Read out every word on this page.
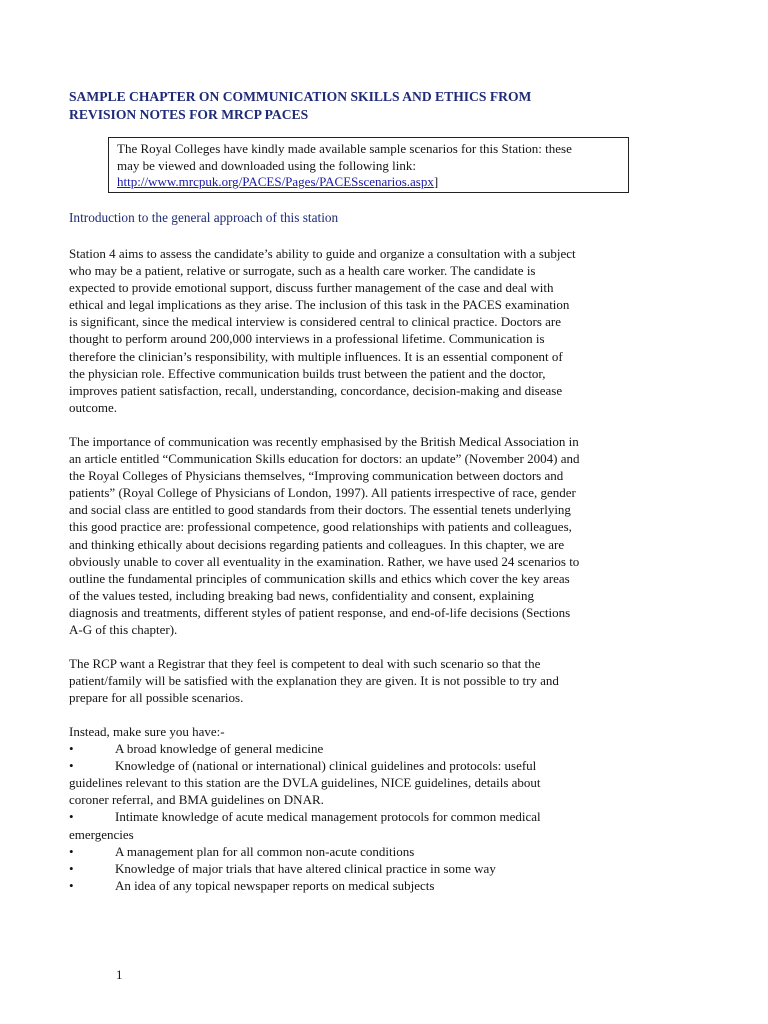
SAMPLE CHAPTER ON COMMUNICATION SKILLS AND ETHICS FROM
REVISION NOTES FOR MRCP PACES
The Royal Colleges have kindly made available sample scenarios for this Station: these
may be viewed and downloaded using the following link:
http://www.mrcpuk.org/PACES/Pages/PACESscenarios.aspx]
Introduction to the general approach of this station
Station 4 aims to assess the candidate’s ability to guide and organize a consultation with a subject
who may be a patient, relative or surrogate, such as a health care worker. The candidate is
expected to provide emotional support, discuss further management of the case and deal with
ethical and legal implications as they arise. The inclusion of this task in the PACES examination
is significant, since the medical interview is considered central to clinical practice. Doctors are
thought to perform around 200,000 interviews in a professional lifetime. Communication is
therefore the clinician’s responsibility, with multiple influences. It is an essential component of
the physician role. Effective communication builds trust between the patient and the doctor,
improves patient satisfaction, recall, understanding, concordance, decision-making and disease
outcome.
The importance of communication was recently emphasised by the British Medical Association in
an article entitled “Communication Skills education for doctors: an update” (November 2004) and
the Royal Colleges of Physicians themselves, “Improving communication between doctors and
patients” (Royal College of Physicians of London, 1997). All patients irrespective of race, gender
and social class are entitled to good standards from their doctors. The essential tenets underlying
this good practice are: professional competence, good relationships with patients and colleagues,
and thinking ethically about decisions regarding patients and colleagues. In this chapter, we are
obviously unable to cover all eventuality in the examination. Rather, we have used 24 scenarios to
outline the fundamental principles of communication skills and ethics which cover the key areas
of the values tested, including breaking bad news, confidentiality and consent, explaining
diagnosis and treatments, different styles of patient response, and end-of-life decisions (Sections
A-G of this chapter).
The RCP want a Registrar that they feel is competent to deal with such scenario so that the
patient/family will be satisfied with the explanation they are given. It is not possible to try and
prepare for all possible scenarios.
Instead, make sure you have:-
•	A broad knowledge of general medicine
•	Knowledge of (national or international) clinical guidelines and protocols: useful
guidelines relevant to this station are the DVLA guidelines, NICE guidelines, details about
coroner referral, and BMA guidelines on DNAR.
•	Intimate knowledge of acute medical management protocols for common medical
emergencies
•	A management plan for all common non-acute conditions
•	Knowledge of major trials that have altered clinical practice in some way
•	An idea of any topical newspaper reports on medical subjects
1
